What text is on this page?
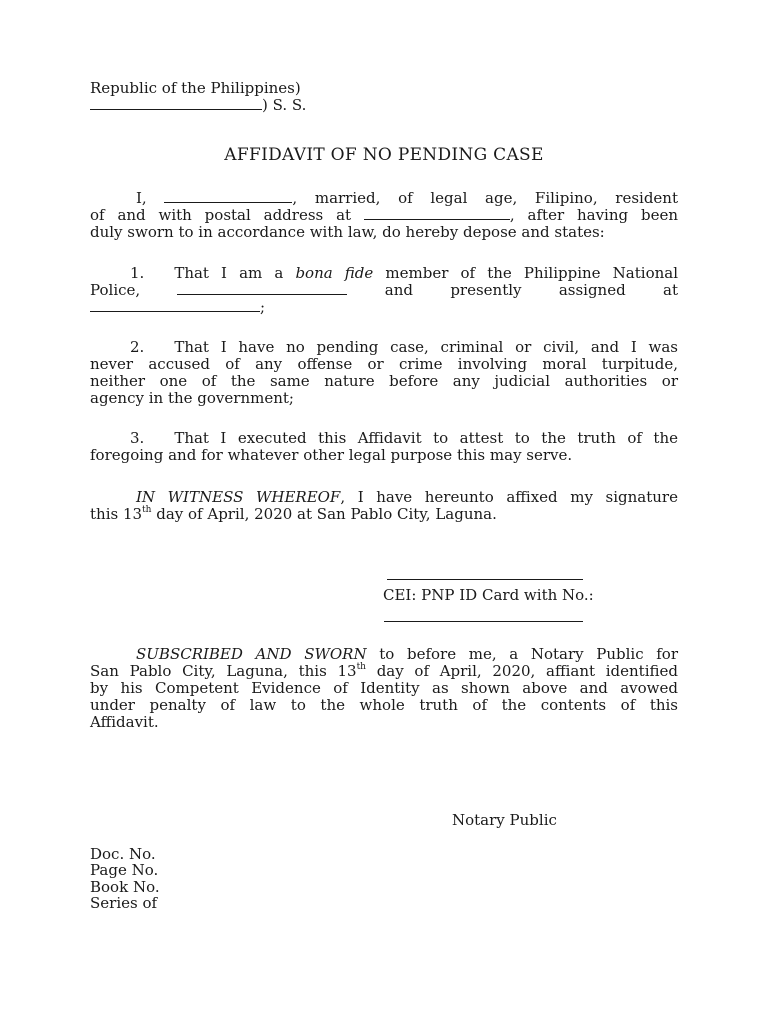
Republic of the Philippines)
) S. S.
AFFIDAVIT OF NO PENDING CASE
I,	, married, of legal age, Filipino, resident
of and with postal address at	, after having been
duly sworn to in accordance with law, do hereby depose and states:
1. That I am a bona fide member of the Philippine National
Police,	and presently assigned at
;
2. That I have no pending case, criminal or civil, and I was
never accused of any offense or crime involving moral turpitude,
neither one of the same nature before any judicial authorities or
agency in the government;
3. That I executed this Affidavit to attest to the truth of the
foregoing and for whatever other legal purpose this may serve.
IN WITNESS WHEREOF, I have hereunto affixed my signature
this 13th day of April, 2020 at San Pablo City, Laguna.
CEI: PNP ID Card with No.:
SUBSCRIBED AND SWORN to before me, a Notary Public for
San Pablo City, Laguna, this 13th day of April, 2020, affiant identified
by his Competent Evidence of Identity as shown above and avowed
under penalty of law to the whole truth of the contents of this
Affidavit.
Notary Public
Doc. No.
Page No.
Book No.
Series of
